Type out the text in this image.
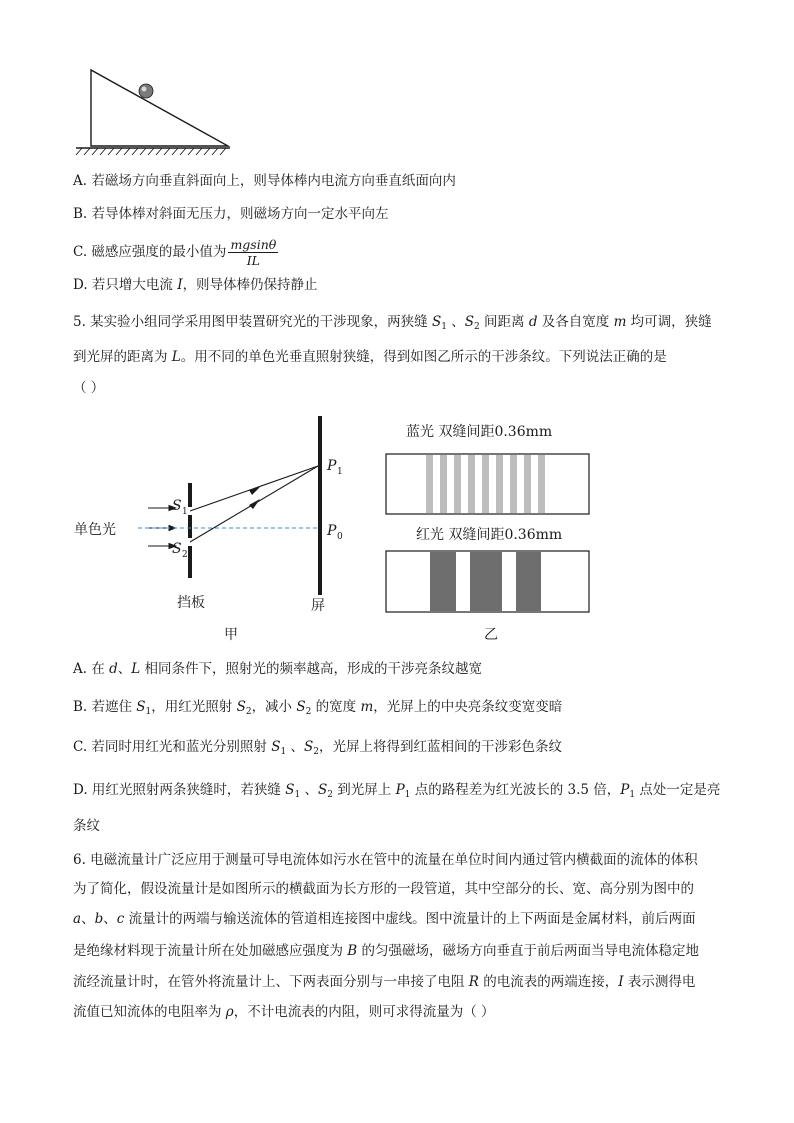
A. 若磁场方向垂直斜面向上，则导体棒内电流方向垂直纸面向内
B. 若导体棒对斜面无压力，则磁场方向一定水平向左
C. 磁感应强度的最小值为 $\frac{mgsin\theta}{IL}$
D. 若只增大电流 I，则导体棒仍保持静止
5. 某实验小组同学采用图甲装置研究光的干涉现象，两狭缝 $S_1$ 、$S_2$ 间距离 d 及各自宽度 m 均可调，狭缝
到光屏的距离为 L。用不同的单色光垂直照射狭缝，得到如图乙所示的干涉条纹。下列说法正确的是
（ ）
单色光
S 1
S 2
P 1
P 0
挡板	屏
甲
蓝光 双缝间距0.36mm
红光 双缝间距0.36mm
乙
A. 在 d、L 相同条件下，照射光的频率越高，形成的干涉亮条纹越宽
B. 若遮住 $S_1$，用红光照射 $S_2$，减小 $S_2$ 的宽度 m，光屏上的中央亮条纹变宽变暗
C. 若同时用红光和蓝光分别照射 $S_1$ 、$S_2$，光屏上将得到红蓝相间的干涉彩色条纹
D. 用红光照射两条狭缝时，若狭缝 $S_1$ 、$S_2$ 到光屏上 $P_1$ 点的路程差为红光波长的 3.5 倍，$P_1$ 点处一定是亮
条纹
6. 电磁流量计广泛应用于测量可导电流体如污水在管中的流量在单位时间内通过管内横截面的流体的体积
为了简化，假设流量计是如图所示的横截面为长方形的一段管道，其中空部分的长、宽、高分别为图中的
a、b、c 流量计的两端与输送流体的管道相连接图中虚线。图中流量计的上下两面是金属材料，前后两面
是绝缘材料现于流量计所在处加磁感应强度为 B 的匀强磁场，磁场方向垂直于前后两面当导电流体稳定地
流经流量计时，在管外将流量计上、下两表面分别与一串接了电阻 R 的电流表的两端连接，I 表示测得电
流值已知流体的电阻率为 ρ，不计电流表的内阻，则可求得流量为（ ）
